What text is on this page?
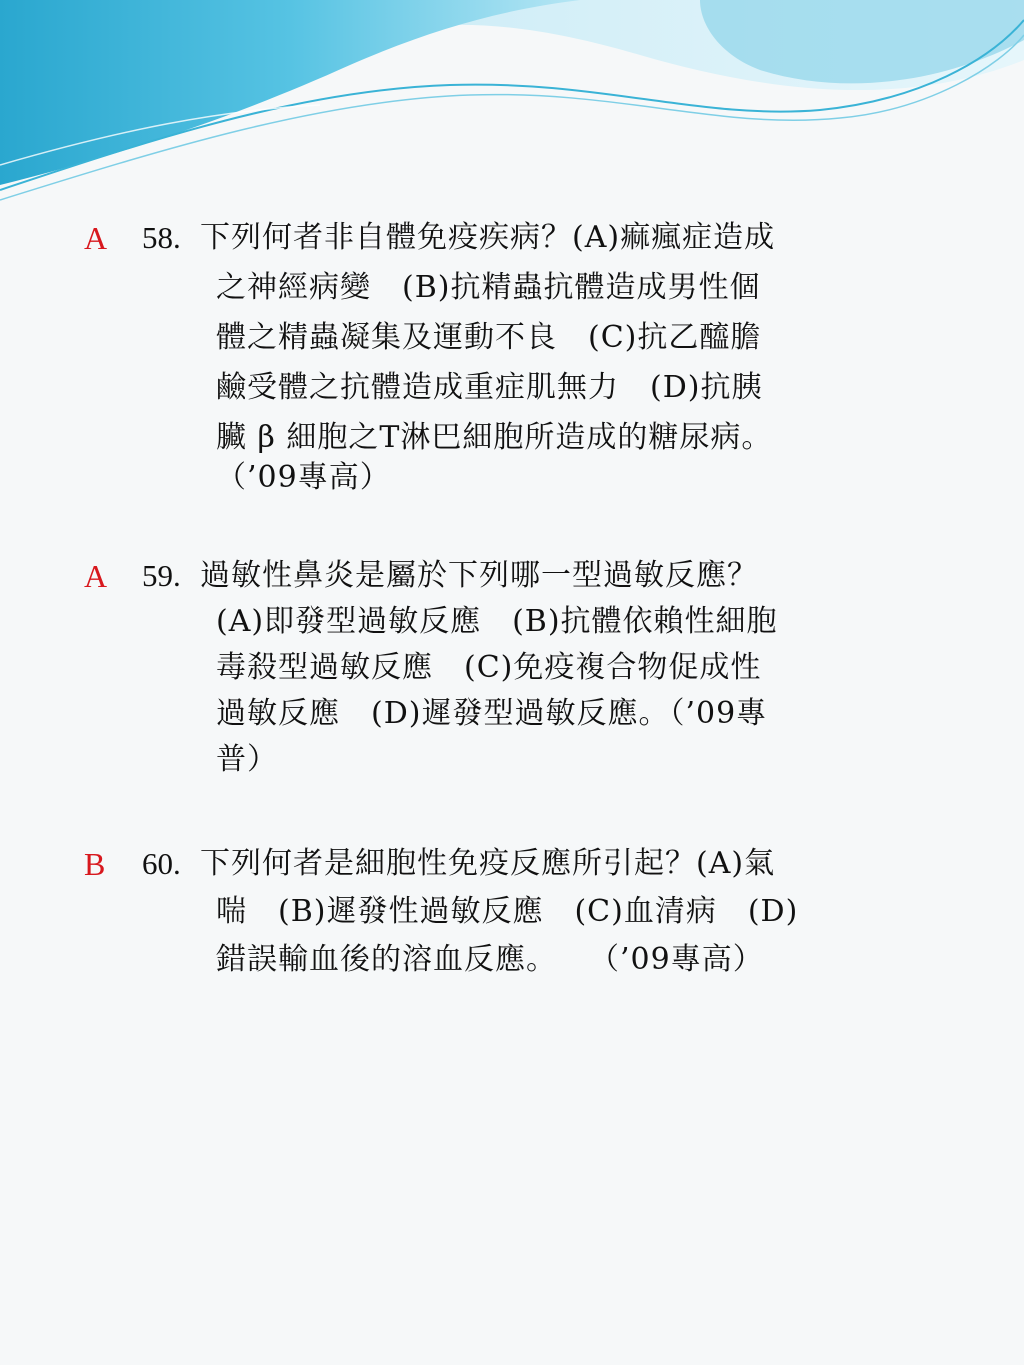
A 58. 下列何者非自體免疫疾病？(A)痲瘋症造成
之神經病變　(B)抗精蟲抗體造成男性個
體之精蟲凝集及運動不良　(C)抗乙醯膽
鹼受體之抗體造成重症肌無力　(D)抗胰
臟 β 細胞之T淋巴細胞所造成的糖尿病。
（’09專高）
A 59. 過敏性鼻炎是屬於下列哪一型過敏反應？
(A)即發型過敏反應　(B)抗體依賴性細胞
毒殺型過敏反應　(C)免疫複合物促成性
過敏反應　(D)遲發型過敏反應。（’09專
普）
B 60. 下列何者是細胞性免疫反應所引起？(A)氣
喘　(B)遲發性過敏反應　(C)血清病　(D)
錯誤輸血後的溶血反應。　　（’09專高）
